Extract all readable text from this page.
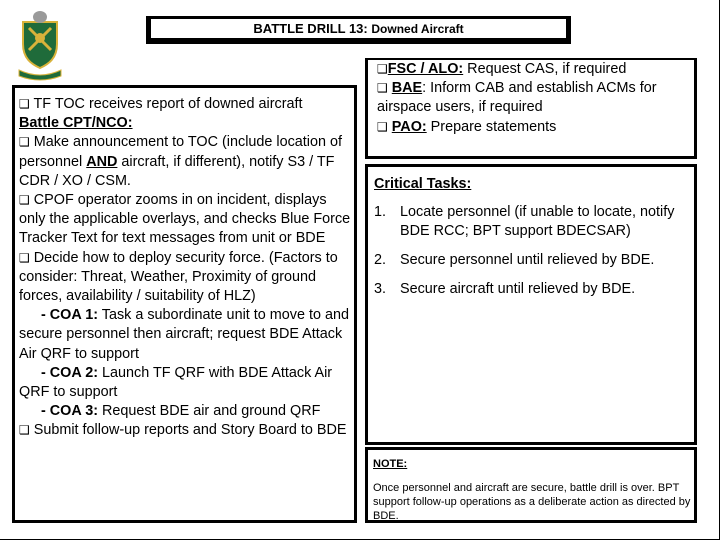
BATTLE DRILL 13: Downed Aircraft
❑ TF TOC receives report of downed aircraft
Battle CPT/NCO:
❑ Make announcement to TOC (include location of personnel AND aircraft, if different), notify S3 / TF CDR / XO / CSM.
❑ CPOF operator zooms in on incident, displays only the applicable overlays, and checks Blue Force Tracker Text for text messages from unit or BDE
❑ Decide how to deploy security force. (Factors to consider: Threat, Weather, Proximity of ground forces, availability / suitability of HLZ)
- COA 1: Task a subordinate unit to move to and secure personnel then aircraft; request BDE Attack Air QRF to support
- COA 2: Launch TF QRF with BDE Attack Air QRF to support
- COA 3: Request BDE air and ground QRF
❑ Submit follow-up reports and Story Board to BDE
❑FSC / ALO: Request CAS, if required
❑ BAE: Inform CAB and establish ACMs for airspace users, if required
❑ PAO: Prepare statements
Critical Tasks:
1. Locate personnel (if unable to locate, notify BDE RCC; BPT support BDECSAR)
2. Secure personnel until relieved by BDE.
3. Secure aircraft until relieved by BDE.
NOTE:
Once personnel and aircraft are secure, battle drill is over. BPT support follow-up operations as a deliberate action as directed by BDE.
